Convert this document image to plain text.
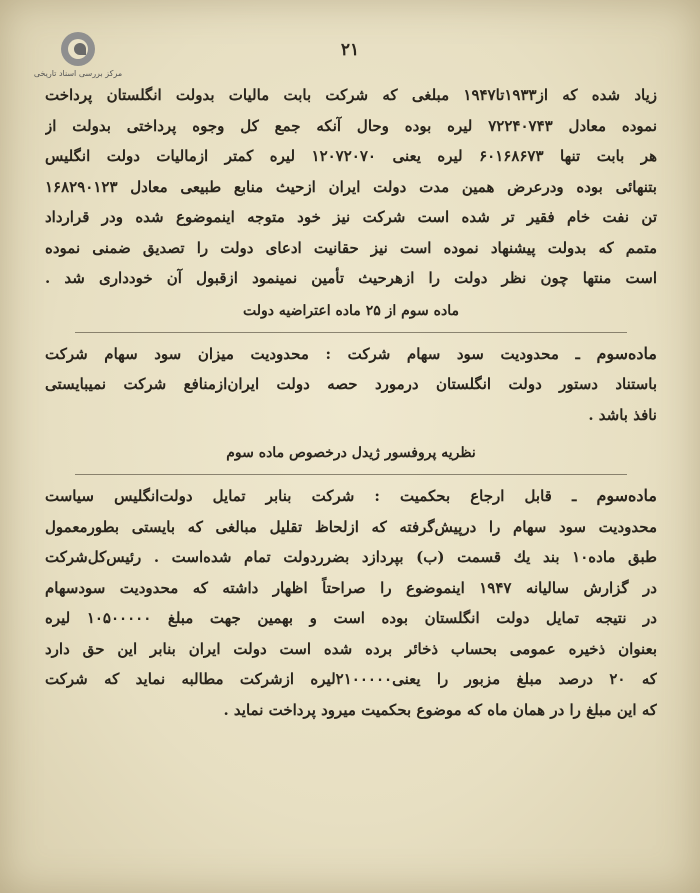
مرکز بررسی اسناد تاریخی
۲۱
زیاد شده که از۱۹۳۳تا۱۹۴۷ مبلغی که شرکت بابت مالیات بدولت انگلستان پرداخت
نموده معادل ۷۲۲۴۰۷۴۳ لیره بوده وحال آنکه جمع کل وجوه پرداختی بدولت از
هر بابت تنها ۶۰۱۶۸۶۷۳ لیره یعنی ۱۲۰۷۲۰۷۰ لیره کمتر ازمالیات دولت انگلیس
بتنهائی بوده ودرعرض همین مدت دولت ایران ازحیث منابع طبیعی معادل ۱۶۸۲۹۰۱۲۳
تن نفت خام فقیر تر شده است شرکت نیز خود متوجه اینموضوع شده ودر قرارداد
متمم که بدولت پیشنهاد نموده است نیز حقانیت ادعای دولت را تصدیق ضمنی نموده
است منتها چون نظر دولت را ازهرحیث تأمین نمینمود ازقبول آن خودداری شد .
ماده سوم از ۲۵ ماده اعتراضیه دولت
ماده‌سوم ـ محدودیت سود سهام شرکت : محدودیت میزان سود سهام شرکت
باستناد دستور دولت انگلستان درمورد حصه دولت ایران‌ازمنافع شرکت نمیبایستی
نافذ باشد .
نظریه پروفسور ژیدل درخصوص ماده سوم
ماده‌سوم ـ قابل ارجاع بحکمیت : شرکت بنابر تمایل دولت‌انگلیس سیاست
محدودیت سود سهام را درپیش‌گرفته که ازلحاظ تقلیل مبالغی که بایستی بطورمعمول
طبق ماده۱۰ بند یك قسمت (ب) بپردازد بضرردولت تمام شده‌است . رئیس‌کل‌شرکت
در گزارش سالیانه ۱۹۴۷ اینموضوع را صراحتاً اظهار داشته که محدودیت سودسهام
در نتیجه تمایل دولت انگلستان بوده است و بهمین جهت مبلغ ۱۰۵۰۰۰۰۰ لیره
بعنوان ذخیره عمومی بحساب ذخائر برده شده است دولت ایران بنابر این حق دارد
که ۲۰ درصد مبلغ مزبور را یعنی۲۱۰۰۰۰۰لیره ازشرکت مطالبه نماید که شرکت
که این مبلغ را در همان ماه که موضوع بحکمیت میرود پرداخت نماید .
